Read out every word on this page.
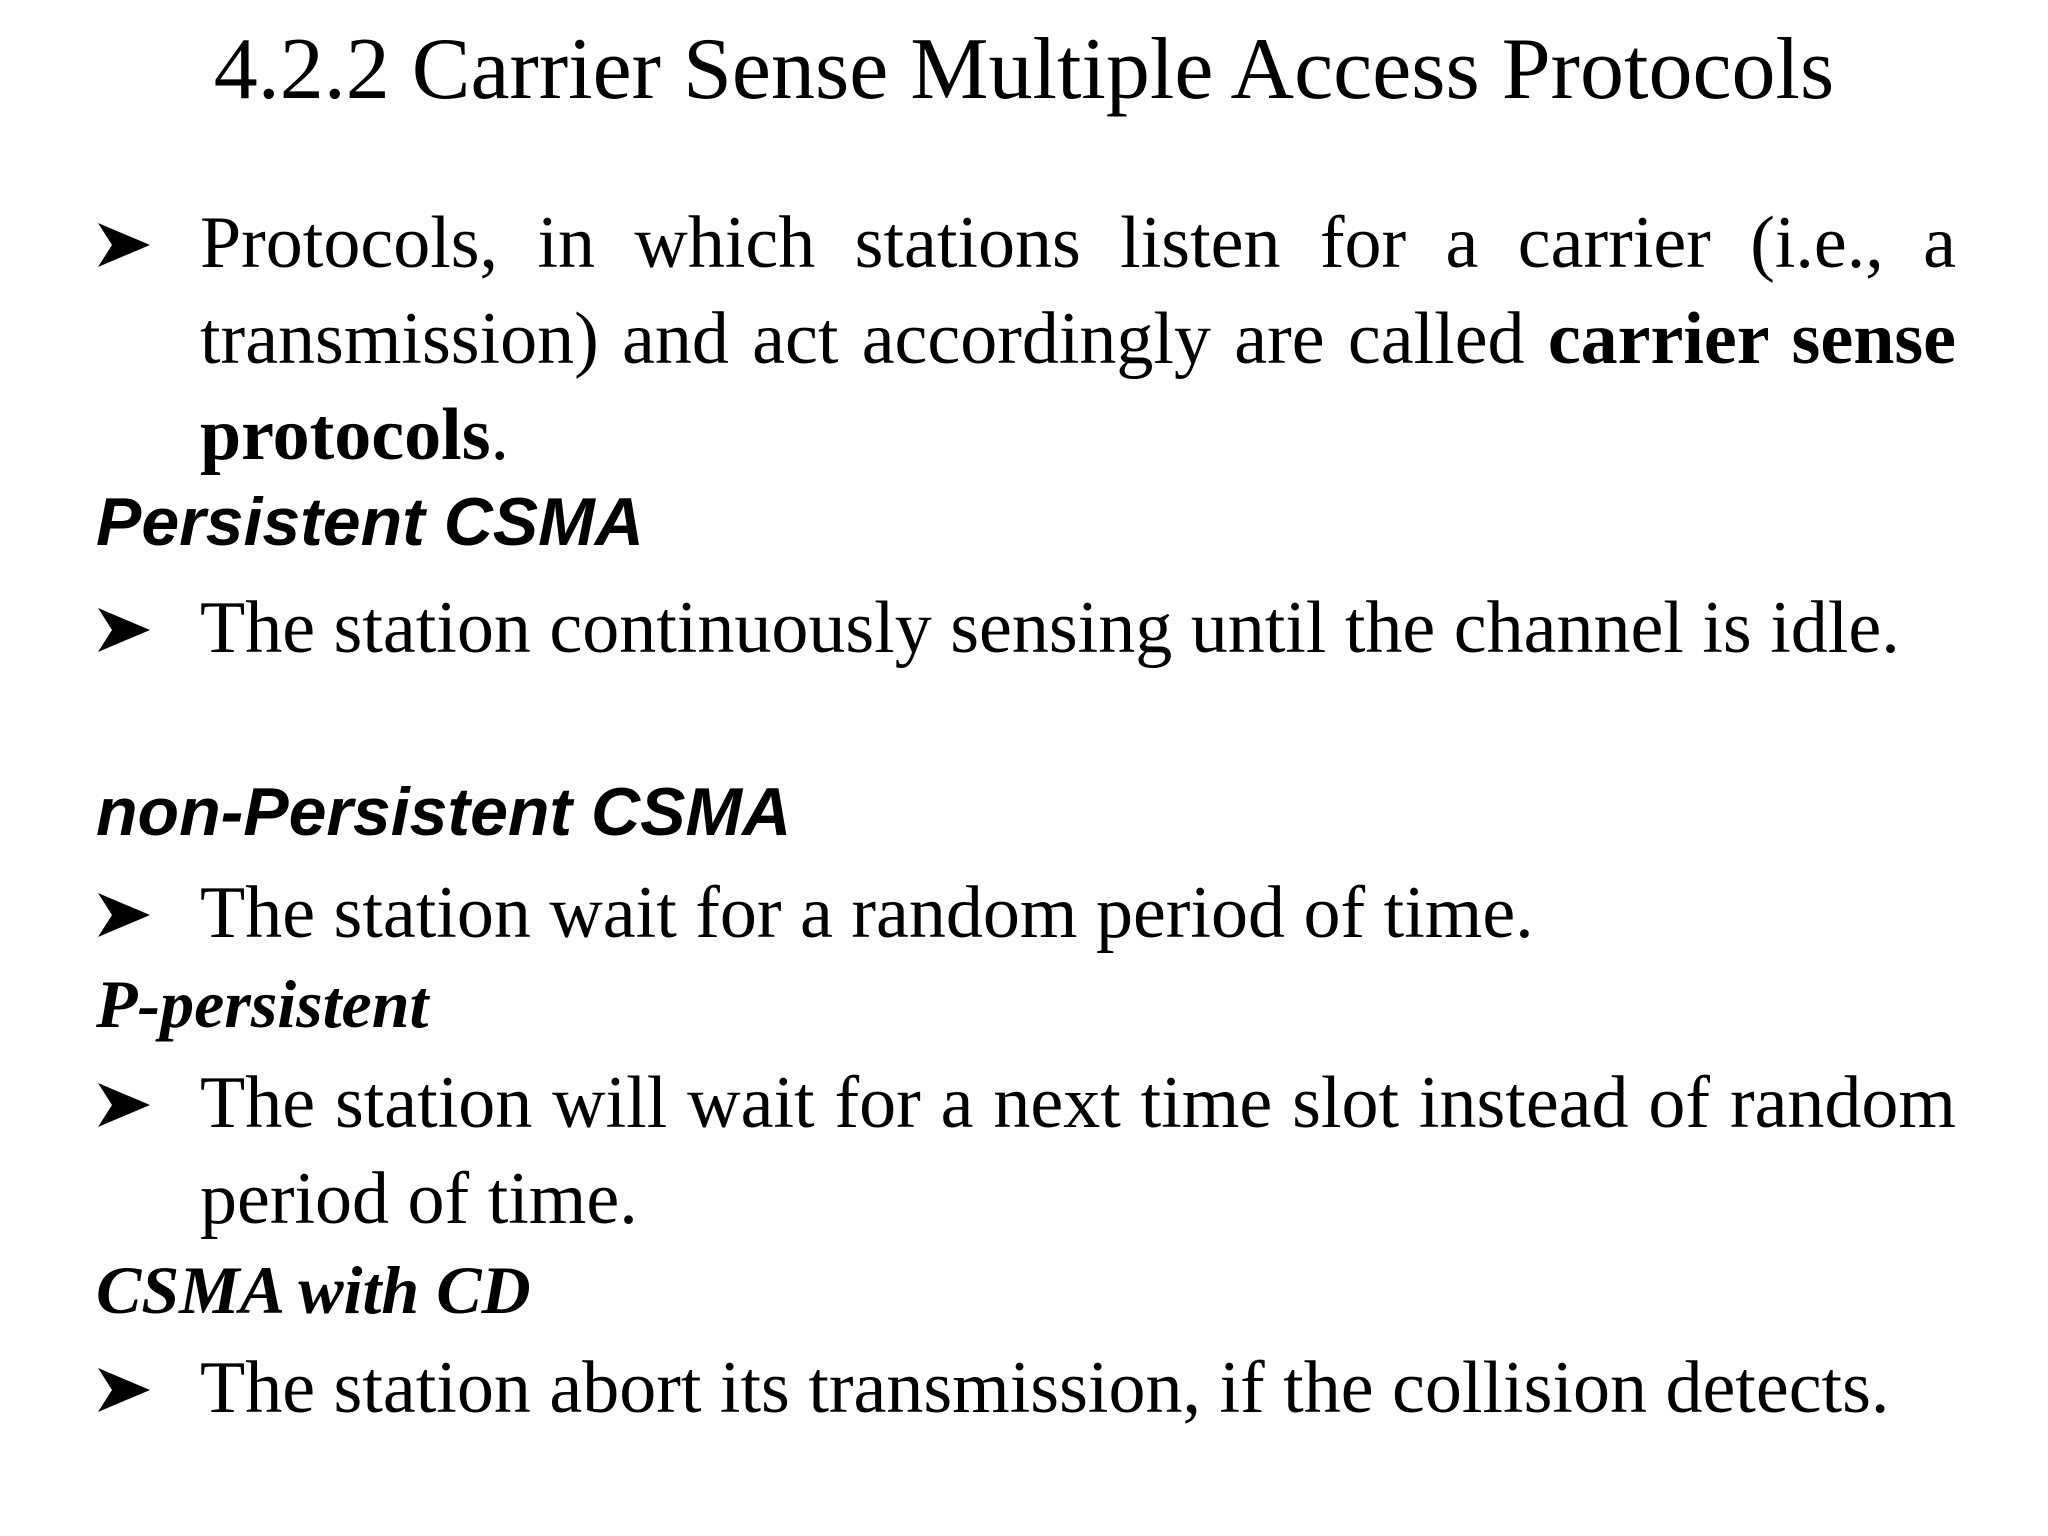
4.2.2 Carrier Sense Multiple Access Protocols
Protocols, in which stations listen for a carrier (i.e., a transmission) and act accordingly are called carrier sense protocols.
Persistent CSMA
The station continuously sensing until the channel is idle.
non-Persistent CSMA
The station wait for a random period of time.
P-persistent
The station will wait for a next time slot instead of random period of time.
CSMA with CD
The station abort its transmission, if the collision detects.
